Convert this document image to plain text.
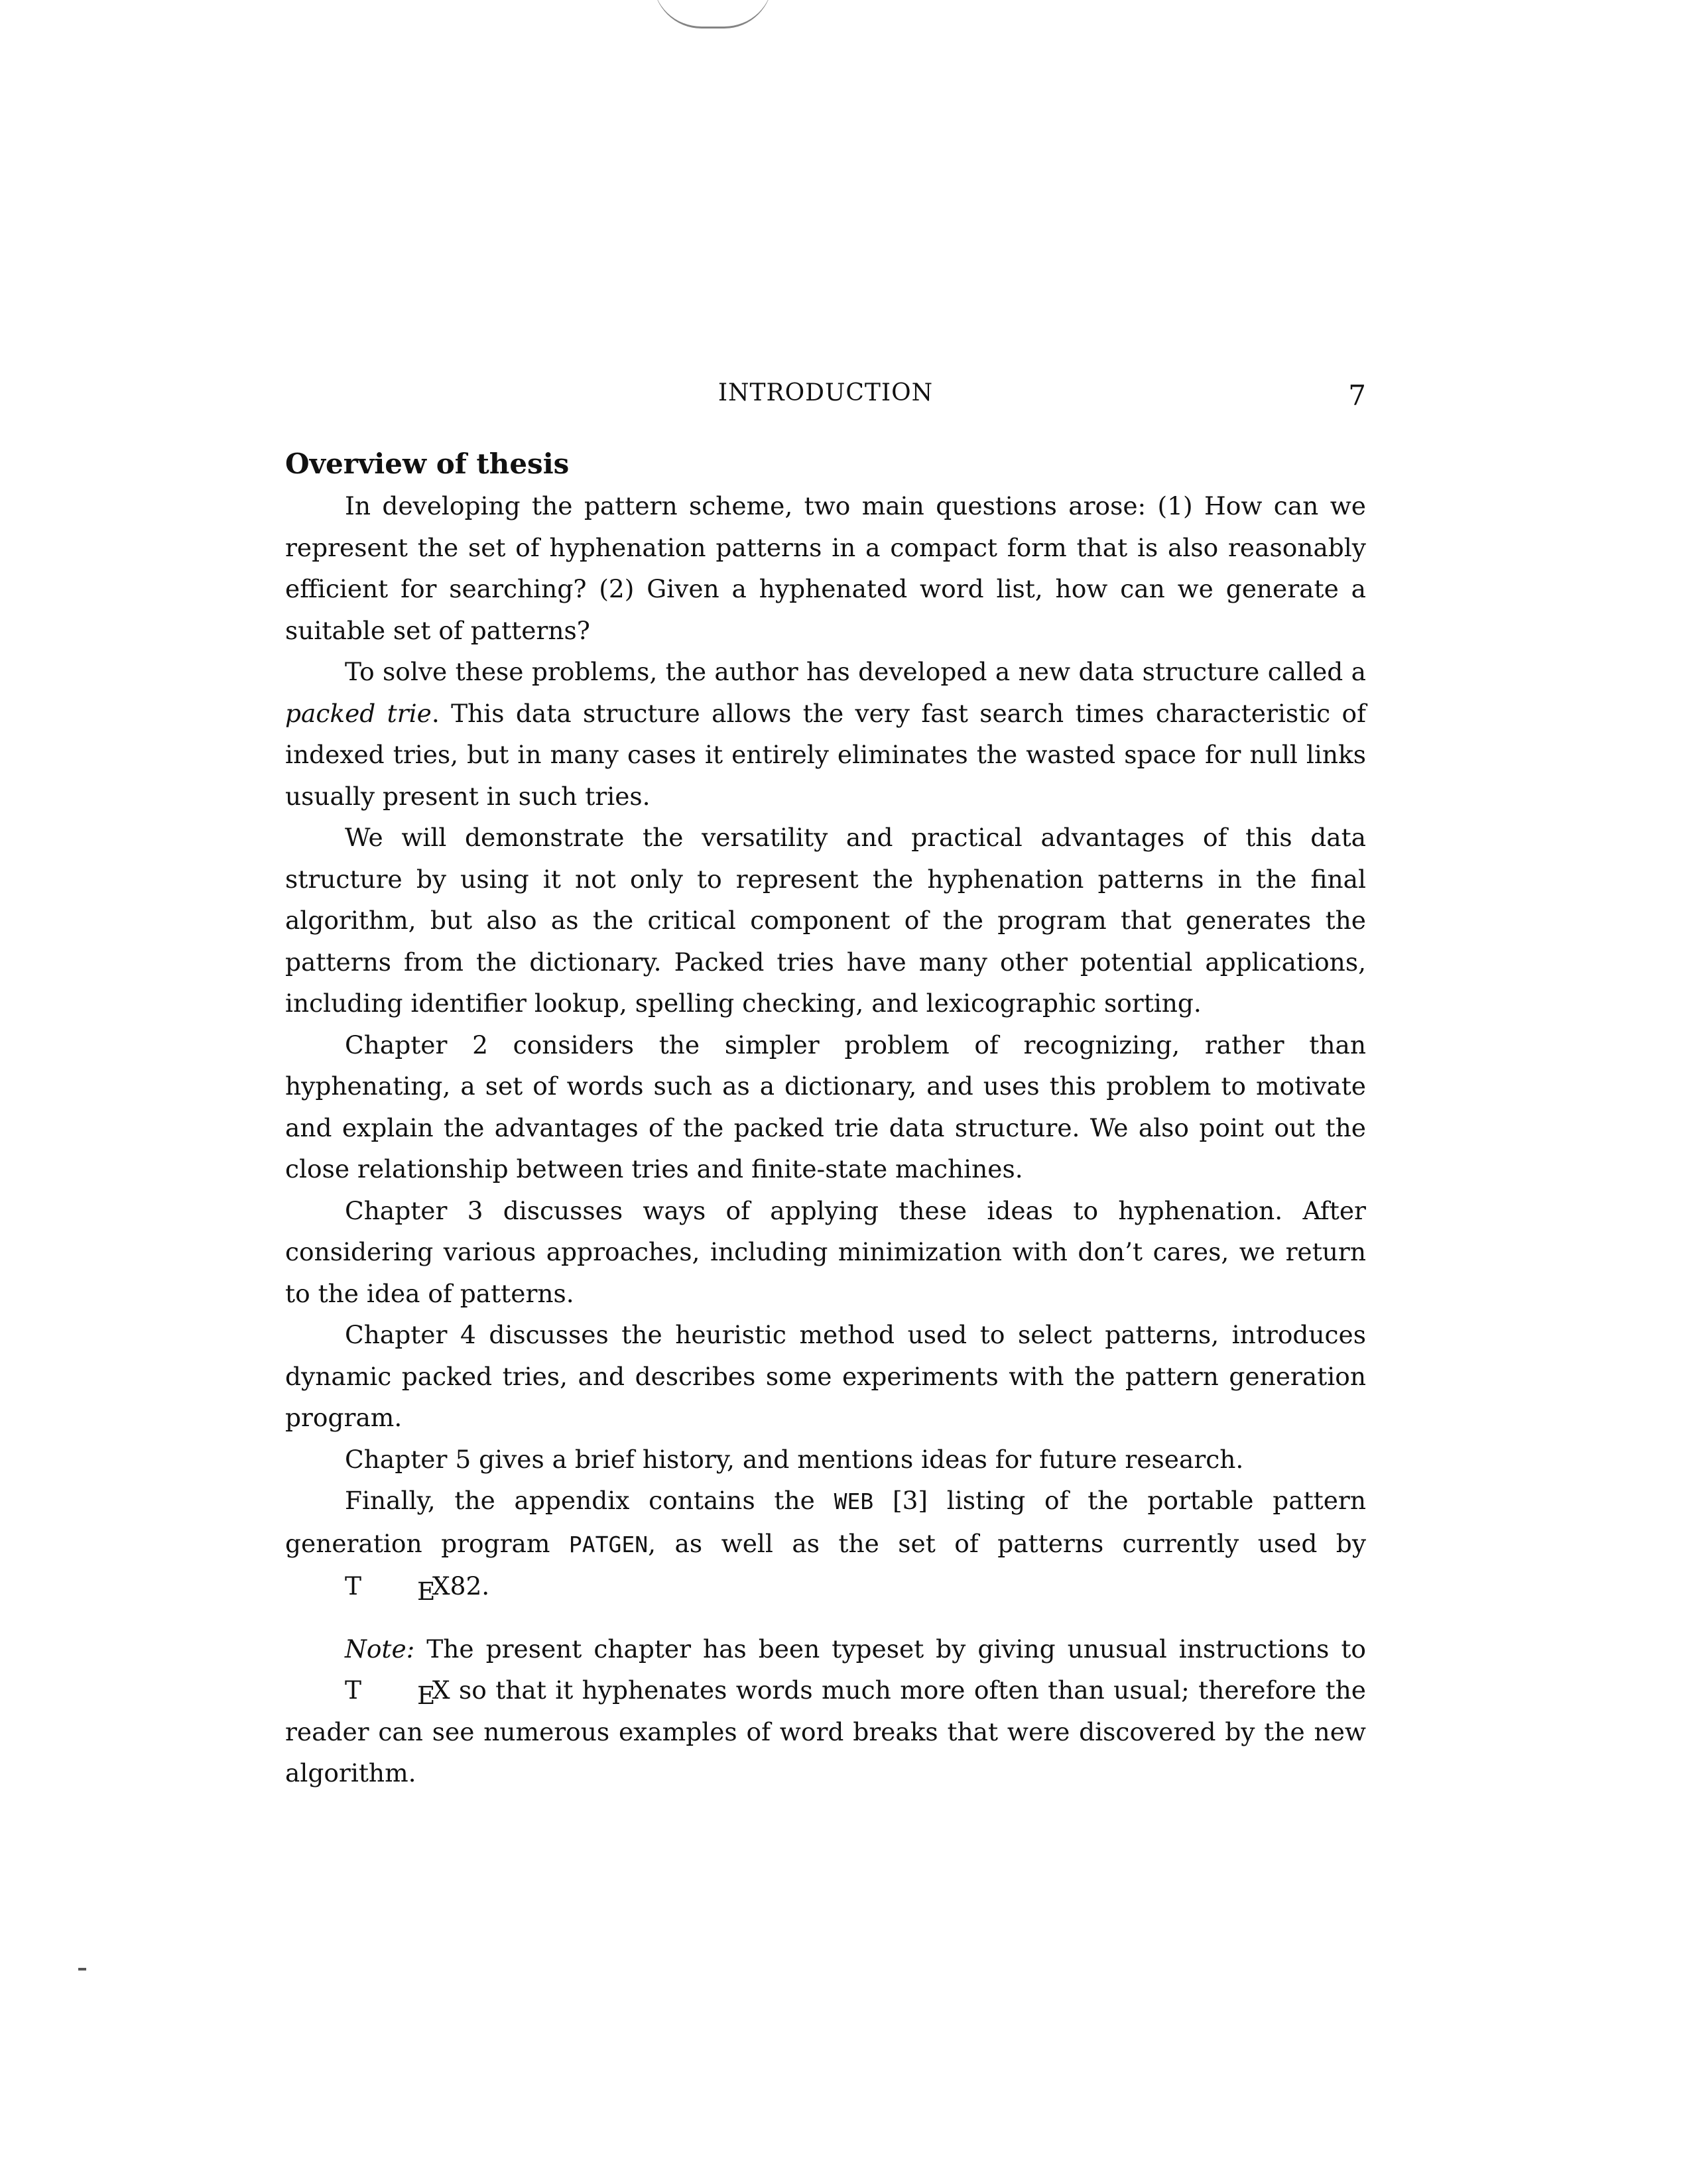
INTRODUCTION	7
Overview of thesis

In developing the pattern scheme, two main questions arose: (1) How can we represent the set of hyphenation patterns in a compact form that is also reasonably efficient for searching? (2) Given a hyphenated word list, how can we generate a suitable set of patterns?

To solve these problems, the author has developed a new data structure called a packed trie. This data structure allows the very fast search times characteristic of indexed tries, but in many cases it entirely eliminates the wasted space for null links usually present in such tries.

We will demonstrate the versatility and practical advantages of this data structure by using it not only to represent the hyphenation patterns in the final algorithm, but also as the critical component of the program that generates the patterns from the dictionary. Packed tries have many other potential applications, including identifier lookup, spelling checking, and lexicographic sorting.

Chapter 2 considers the simpler problem of recognizing, rather than hyphenating, a set of words such as a dictionary, and uses this problem to motivate and explain the advantages of the packed trie data structure. We also point out the close relationship between tries and finite-state machines.

Chapter 3 discusses ways of applying these ideas to hyphenation. After considering various approaches, including minimization with don’t cares, we return to the idea of patterns.

Chapter 4 discusses the heuristic method used to select patterns, introduces dynamic packed tries, and describes some experiments with the pattern generation program.

Chapter 5 gives a brief history, and mentions ideas for future research.

Finally, the appendix contains the WEB [3] listing of the portable pattern generation program PATGEN, as well as the set of patterns currently used by T EX82.

Note: The present chapter has been typeset by giving unusual instructions to T EX so that it hyphenates words much more often than usual; therefore the reader can see numerous examples of word breaks that were discovered by the new algorithm.
